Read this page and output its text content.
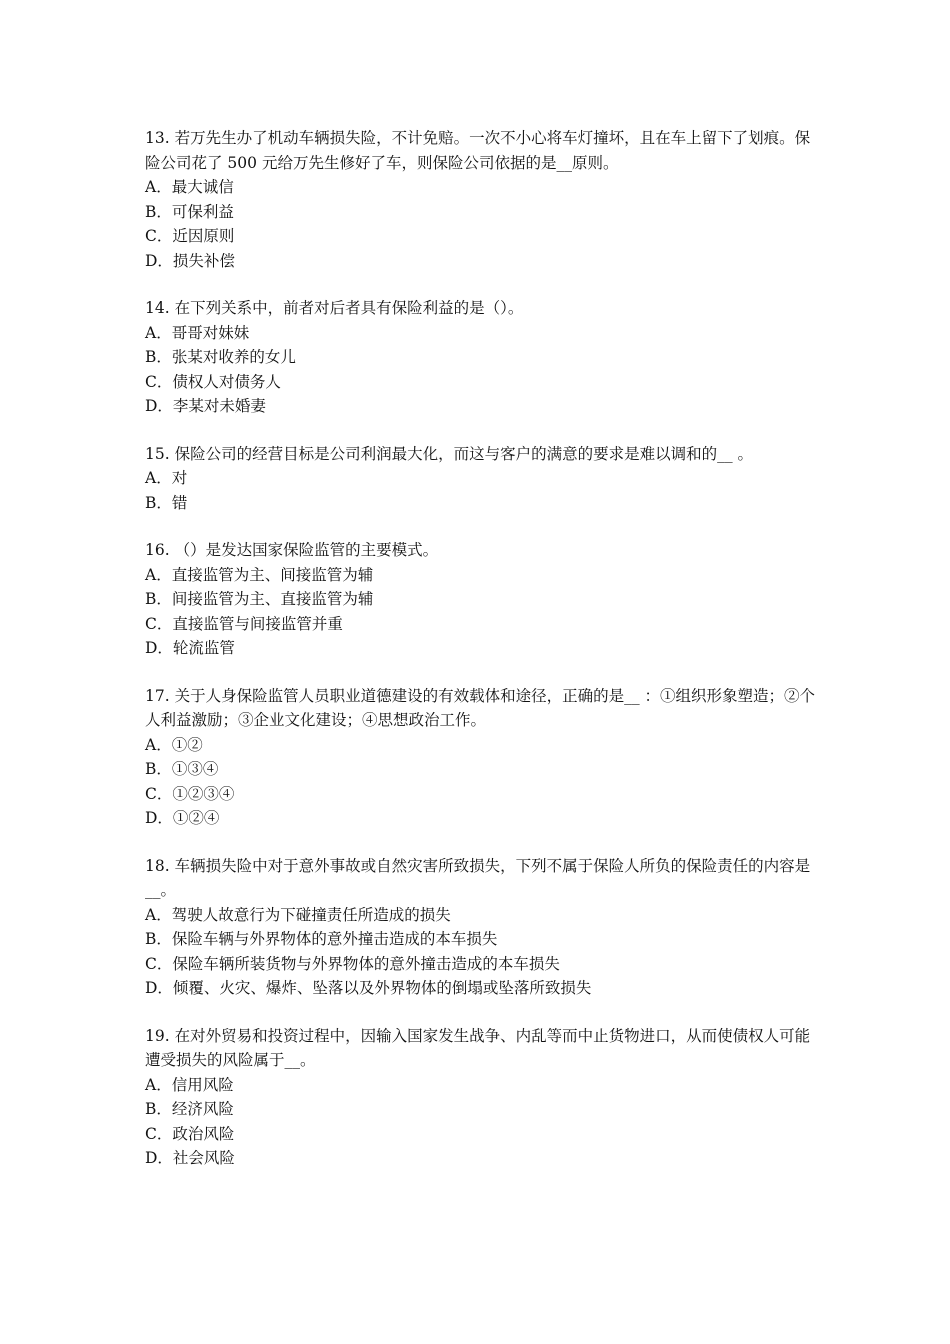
13. 若万先生办了机动车辆损失险，不计免赔。一次不小心将车灯撞坏，且在车上留下了划痕。保险公司花了 500 元给万先生修好了车，则保险公司依据的是__原则。

A．最大诚信
B．可保利益
C．近因原则
D．损失补偿

14. 在下列关系中，前者对后者具有保险利益的是（）。

A．哥哥对妹妹
B．张某对收养的女儿
C．债权人对债务人
D．李某对未婚妻

15. 保险公司的经营目标是公司利润最大化，而这与客户的满意的要求是难以调和的__ 。

A．对
B．错

16. （）是发达国家保险监管的主要模式。

A．直接监管为主、间接监管为辅
B．间接监管为主、直接监管为辅
C．直接监管与间接监管并重
D．轮流监管

17. 关于人身保险监管人员职业道德建设的有效载体和途径，正确的是__ ：①组织形象塑造；②个人利益激励；③企业文化建设；④思想政治工作。

A．①②
B．①③④
C．①②③④
D．①②④

18. 车辆损失险中对于意外事故或自然灾害所致损失，下列不属于保险人所负的保险责任的内容是__。

A．驾驶人故意行为下碰撞责任所造成的损失
B．保险车辆与外界物体的意外撞击造成的本车损失
C．保险车辆所装货物与外界物体的意外撞击造成的本车损失
D．倾覆、火灾、爆炸、坠落以及外界物体的倒塌或坠落所致损失

19. 在对外贸易和投资过程中，因输入国家发生战争、内乱等而中止货物进口，从而使债权人可能遭受损失的风险属于__。

A．信用风险
B．经济风险
C．政治风险
D．社会风险
